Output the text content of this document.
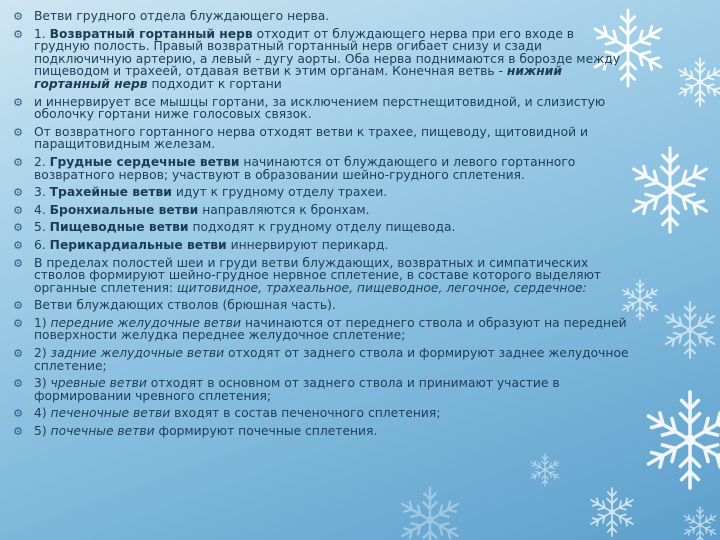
⚙ Ветви грудного отдела блуждающего нерва.
⚙ 1. Возвратный гортанный нерв отходит от блуждающего нерва при его входе в грудную полость. Правый возвратный гортанный нерв огибает снизу и сзади подключичную артерию, а левый - дугу аорты. Оба нерва поднимаются в борозде между пищеводом и трахеей, отдавая ветви к этим органам. Конечная ветвь - нижний гортанный нерв подходит к гортани
⚙ и иннервирует все мышцы гортани, за исключением перстнещитовидной, и слизистую оболочку гортани ниже голосовых связок.
⚙ От возвратного гортанного нерва отходят ветви к трахее, пищеводу, щитовидной и паращитовидным железам.
⚙ 2. Грудные сердечные ветви начинаются от блуждающего и левого гортанного возвратного нервов; участвуют в образовании шейно-грудного сплетения.
⚙ 3. Трахейные ветви идут к грудному отделу трахеи.
⚙ 4. Бронхиальные ветви направляются к бронхам.
⚙ 5. Пищеводные ветви подходят к грудному отделу пищевода.
⚙ 6. Перикардиальные ветви иннервируют перикард.
⚙ В пределах полостей шеи и груди ветви блуждающих, возвратных и симпатических стволов формируют шейно-грудное нервное сплетение, в составе которого выделяют органные сплетения: щитовидное, трахеальное, пищеводное, легочное, сердечное:
⚙ Ветви блуждающих стволов (брюшная часть).
⚙ 1) передние желудочные ветви начинаются от переднего ствола и образуют на передней поверхности желудка переднее желудочное сплетение;
⚙ 2) задние желудочные ветви отходят от заднего ствола и формируют заднее желудочное сплетение;
⚙ 3) чревные ветви отходят в основном от заднего ствола и принимают участие в формировании чревного сплетения;
⚙ 4) печеночные ветви входят в состав печеночного сплетения;
⚙ 5) почечные ветви формируют почечные сплетения.
